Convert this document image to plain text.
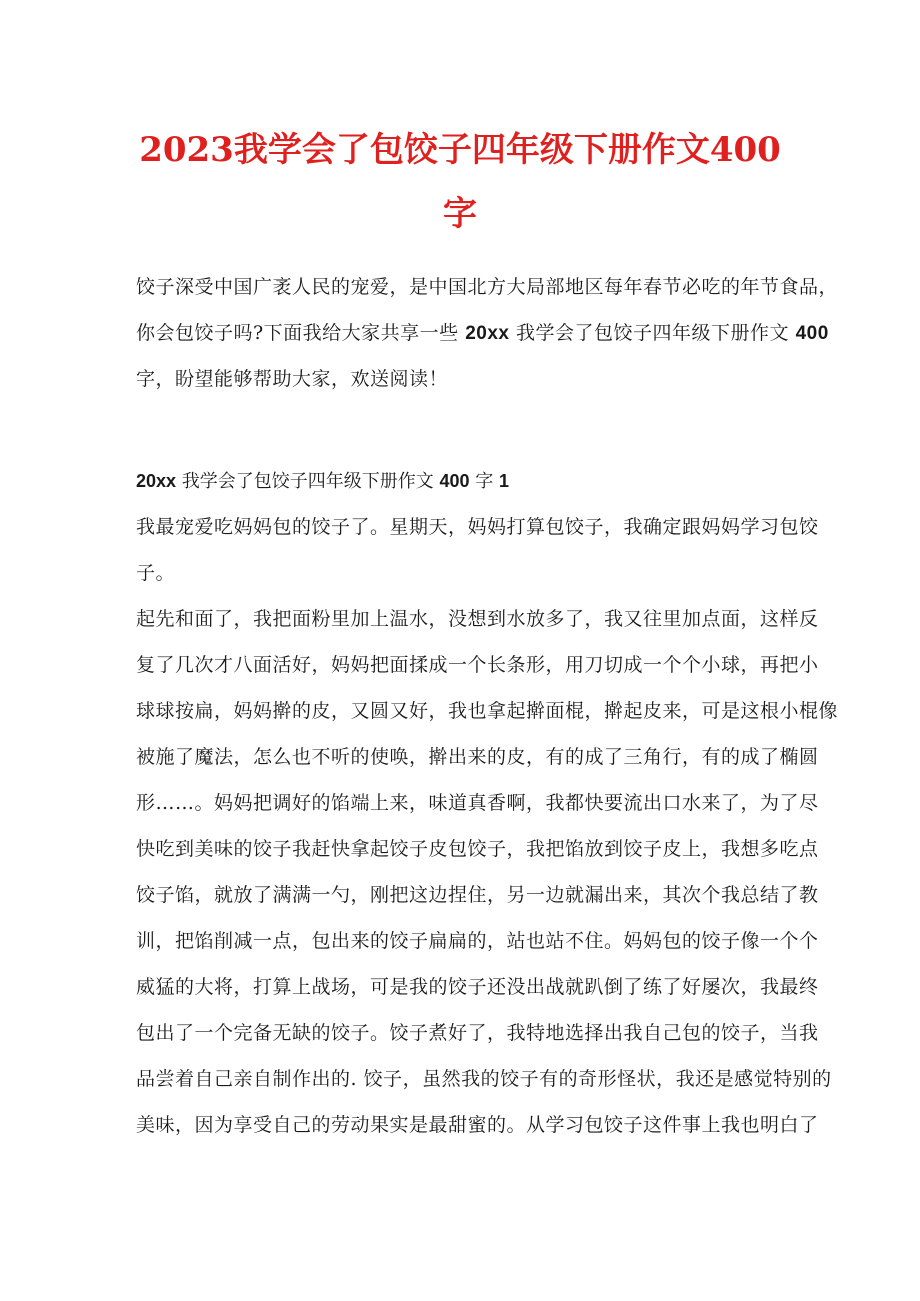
2023我学会了包饺子四年级下册作文400
字

饺子深受中国广袤人民的宠爱，是中国北方大局部地区每年春节必吃的年节食品，
你会包饺子吗?下面我给大家共享一些 20xx 我学会了包饺子四年级下册作文 400
字，盼望能够帮助大家，欢送阅读！

20xx 我学会了包饺子四年级下册作文 400 字 1

我最宠爱吃妈妈包的饺子了。星期天，妈妈打算包饺子，我确定跟妈妈学习包饺
子。
起先和面了，我把面粉里加上温水，没想到水放多了，我又往里加点面，这样反
复了几次才八面活好，妈妈把面揉成一个长条形，用刀切成一个个小球，再把小
球球按扁，妈妈擀的皮，又圆又好，我也拿起擀面棍，擀起皮来，可是这根小棍像
被施了魔法，怎么也不听的使唤，擀出来的皮，有的成了三角行，有的成了椭圆
形……。妈妈把调好的馅端上来，味道真香啊，我都快要流出口水来了，为了尽
快吃到美味的饺子我赶快拿起饺子皮包饺子，我把馅放到饺子皮上，我想多吃点
饺子馅，就放了满满一勺，刚把这边捏住，另一边就漏出来，其次个我总结了教
训，把馅削减一点，包出来的饺子扁扁的，站也站不住。妈妈包的饺子像一个个
威猛的大将，打算上战场，可是我的饺子还没出战就趴倒了练了好屡次，我最终
包出了一个完备无缺的饺子。饺子煮好了，我特地选择出我自己包的饺子，当我
品尝着自己亲自制作出的. 饺子，虽然我的饺子有的奇形怪状，我还是感觉特别的
美味，因为享受自己的劳动果实是最甜蜜的。从学习包饺子这件事上我也明白了
